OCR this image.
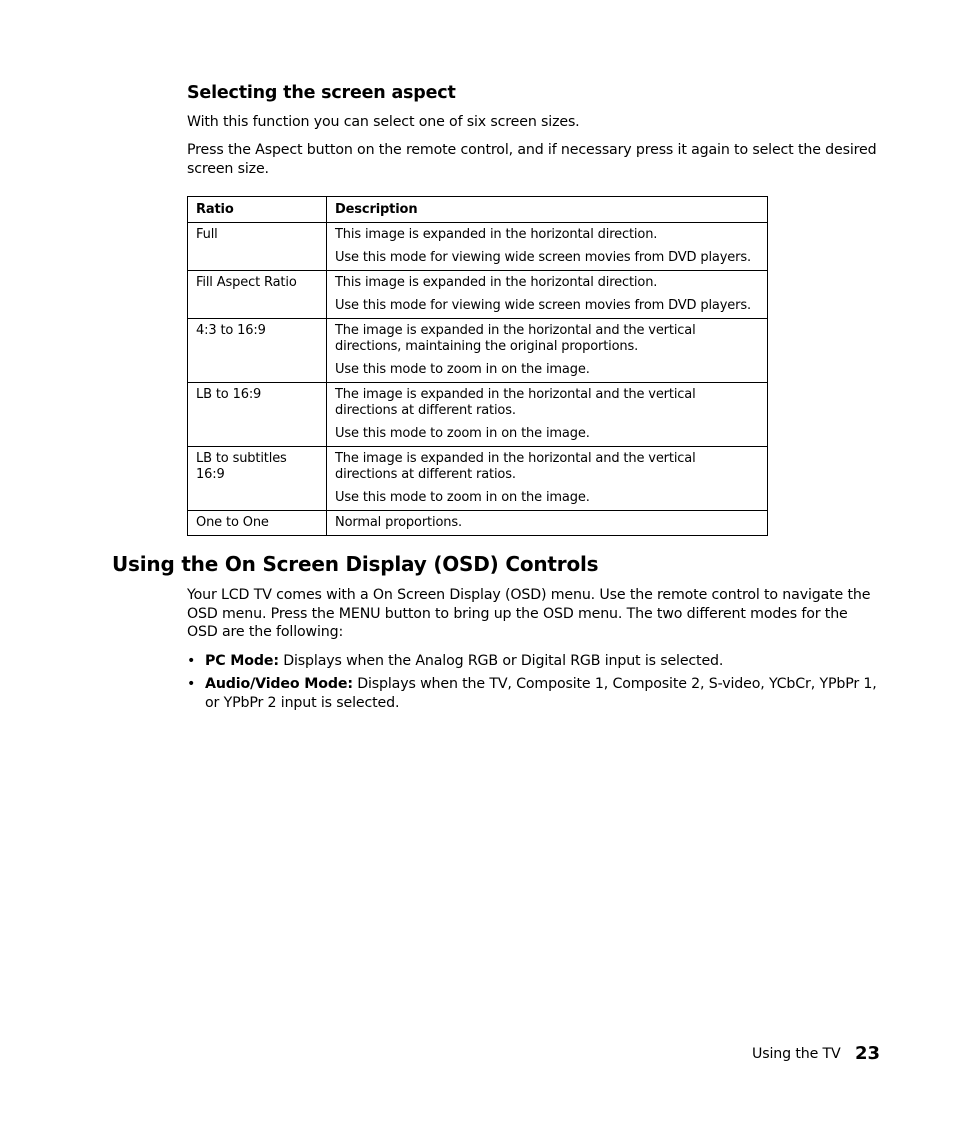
Selecting the screen aspect

With this function you can select one of six screen sizes.

Press the Aspect button on the remote control, and if necessary press it again to select the desired screen size.

Ratio	Description
Full	This image is expanded in the horizontal direction.
Use this mode for viewing wide screen movies from DVD players.

Fill Aspect Ratio	This image is expanded in the horizontal direction.
Use this mode for viewing wide screen movies from DVD players.

4:3 to 16:9	The image is expanded in the horizontal and the vertical directions, maintaining the original proportions.
Use this mode to zoom in on the image.

LB to 16:9	The image is expanded in the horizontal and the vertical directions at different ratios.
Use this mode to zoom in on the image.

LB to subtitles 16:9	The image is expanded in the horizontal and the vertical directions at different ratios.
Use this mode to zoom in on the image.

One to One	Normal proportions.
Using the On Screen Display (OSD) Controls

Your LCD TV comes with a On Screen Display (OSD) menu. Use the remote control to navigate the OSD menu. Press the MENU button to bring up the OSD menu. The two different modes for the OSD are the following:

• PC Mode: Displays when the Analog RGB or Digital RGB input is selected.
• Audio/Video Mode: Displays when the TV, Composite 1, Composite 2, S-video, YCbCr, YPbPr 1, or YPbPr 2 input is selected.
Using the TV 23
